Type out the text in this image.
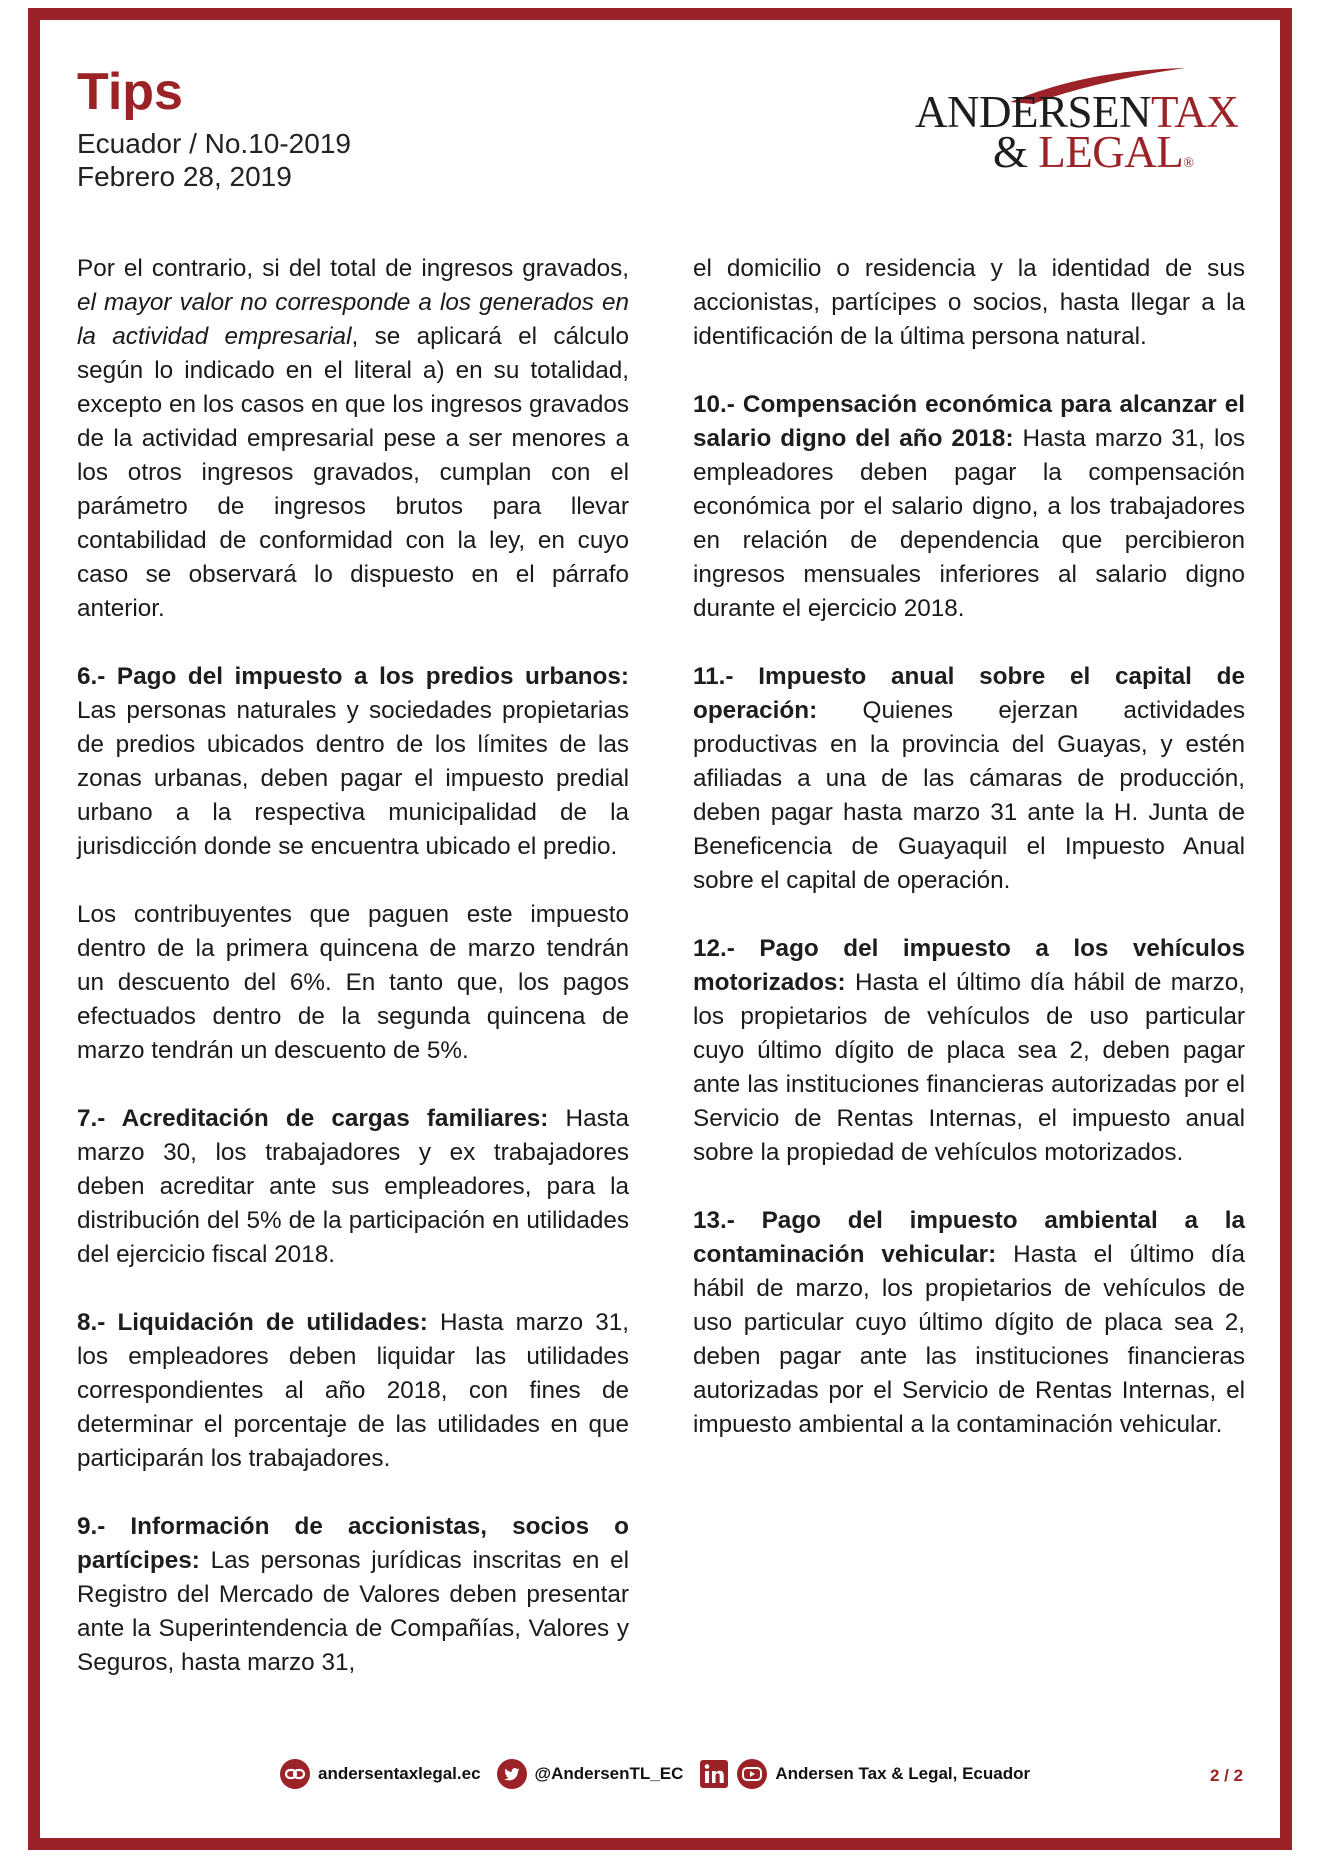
Tips
Ecuador / No.10-2019
Febrero 28, 2019
ANDERSENTAX
& LEGAL®

Por el contrario, si del total de ingresos gravados, el mayor valor no corresponde a los generados en la actividad empresarial, se aplicará el cálculo según lo indicado en el literal a) en su totalidad, excepto en los casos en que los ingresos gravados de la actividad empresarial pese a ser menores a los otros ingresos gravados, cumplan con el parámetro de ingresos brutos para llevar contabilidad de conformidad con la ley, en cuyo caso se observará lo dispuesto en el párrafo anterior.

6.- Pago del impuesto a los predios urbanos: Las personas naturales y sociedades propietarias de predios ubicados dentro de los límites de las zonas urbanas, deben pagar el impuesto predial urbano a la respectiva municipalidad de la jurisdicción donde se encuentra ubicado el predio.

Los contribuyentes que paguen este impuesto dentro de la primera quincena de marzo tendrán un descuento del 6%. En tanto que, los pagos efectuados dentro de la segunda quincena de marzo tendrán un descuento de 5%.

7.- Acreditación de cargas familiares: Hasta marzo 30, los trabajadores y ex trabajadores deben acreditar ante sus empleadores, para la distribución del 5% de la participación en utilidades del ejercicio fiscal 2018.

8.- Liquidación de utilidades: Hasta marzo 31, los empleadores deben liquidar las utilidades correspondientes al año 2018, con fines de determinar el porcentaje de las utilidades en que participarán los trabajadores.

9.- Información de accionistas, socios o partícipes: Las personas jurídicas inscritas en el Registro del Mercado de Valores deben presentar ante la Superintendencia de Compañías, Valores y Seguros, hasta marzo 31,

el domicilio o residencia y la identidad de sus accionistas, partícipes o socios, hasta llegar a la identificación de la última persona natural.

10.- Compensación económica para alcanzar el salario digno del año 2018: Hasta marzo 31, los empleadores deben pagar la compensación económica por el salario digno, a los trabajadores en relación de dependencia que percibieron ingresos mensuales inferiores al salario digno durante el ejercicio 2018.

11.- Impuesto anual sobre el capital de operación: Quienes ejerzan actividades productivas en la provincia del Guayas, y estén afiliadas a una de las cámaras de producción, deben pagar hasta marzo 31 ante la H. Junta de Beneficencia de Guayaquil el Impuesto Anual sobre el capital de operación.

12.- Pago del impuesto a los vehículos motorizados: Hasta el último día hábil de marzo, los propietarios de vehículos de uso particular cuyo último dígito de placa sea 2, deben pagar ante las instituciones financieras autorizadas por el Servicio de Rentas Internas, el impuesto anual sobre la propiedad de vehículos motorizados.

13.- Pago del impuesto ambiental a la contaminación vehicular: Hasta el último día hábil de marzo, los propietarios de vehículos de uso particular cuyo último dígito de placa sea 2, deben pagar ante las instituciones financieras autorizadas por el Servicio de Rentas Internas, el impuesto ambiental a la contaminación vehicular.

andersentaxlegal.ec	@AndersenTL_EC	Andersen Tax & Legal, Ecuador	2 / 2
